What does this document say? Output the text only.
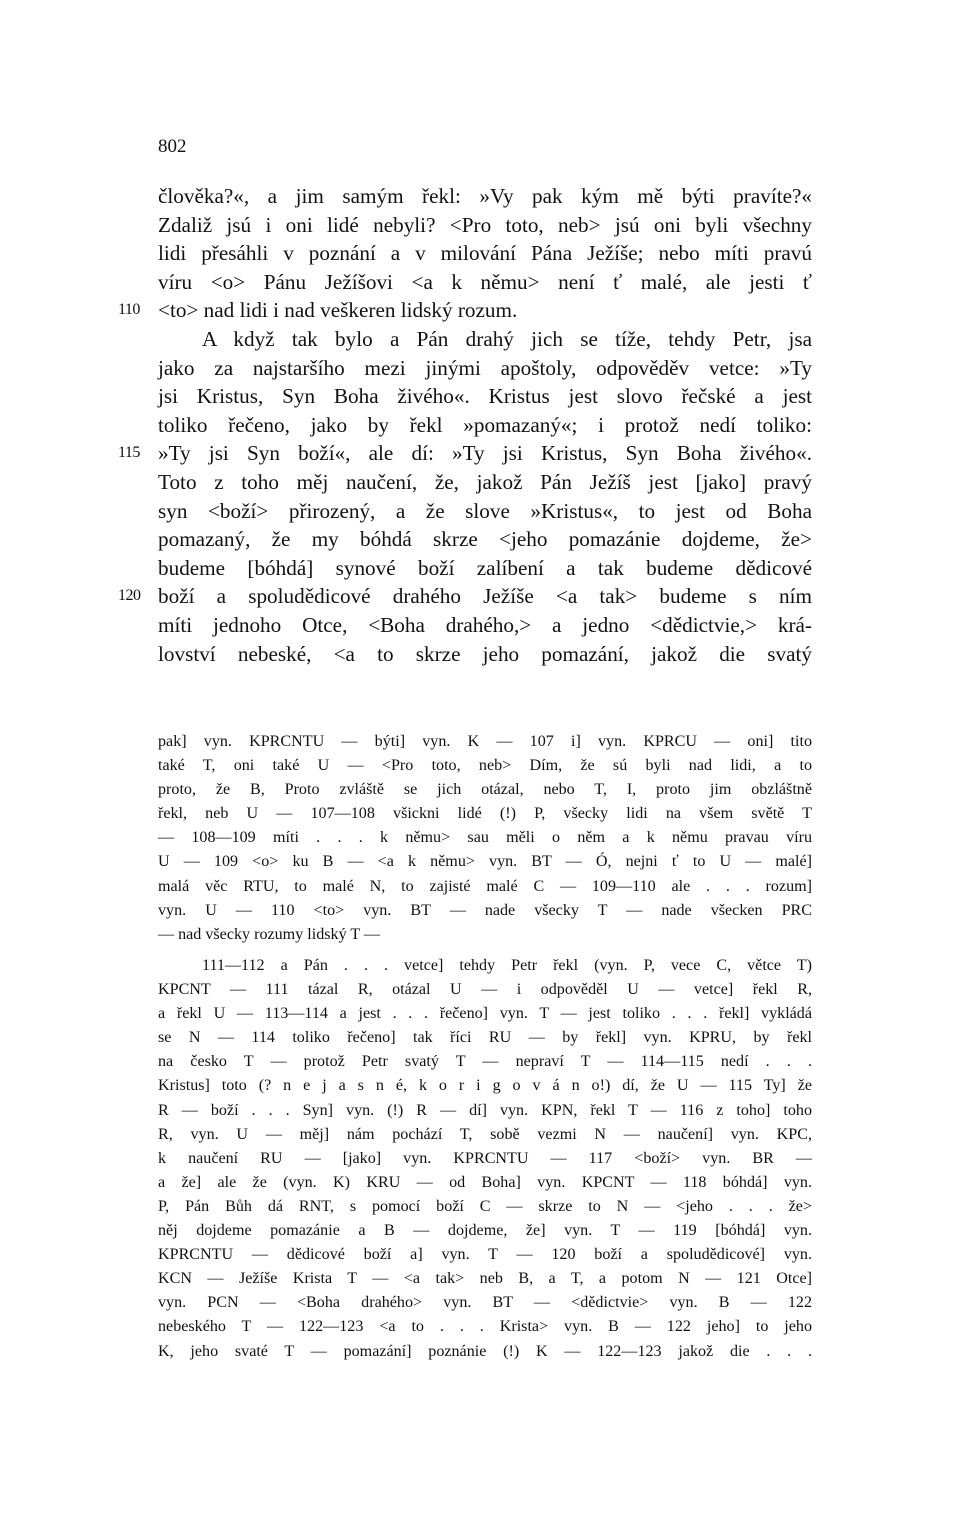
802
člověka?«, a jim samým řekl: »Vy pak kým mě býti pravíte?«
Zdaliž jsú i oni lidé nebyli? <Pro toto, neb> jsú oni byli všechny
lidi přesáhli v poznání a v milování Pána Ježíše; nebo míti pravú
víru <o> Pánu Ježíšovi <a k němu> není ť malé, ale jesti ť
110 <to> nad lidi i nad veškeren lidský rozum.
A když tak bylo a Pán drahý jich se tíže, tehdy Petr, jsa
jako za najstaršího mezi jinými apoštoly, odpověděv vetce: »Ty
jsi Kristus, Syn Boha živého«. Kristus jest slovo řečské a jest
toliko řečeno, jako by řekl »pomazaný«; i protož nedí toliko:
115 »Ty jsi Syn boží«, ale dí: »Ty jsi Kristus, Syn Boha živého«.
Toto z toho měj naučení, že, jakož Pán Ježíš jest [jako] pravý
syn <boží> přirozený, a že slove »Kristus«, to jest od Boha
pomazaný, že my bóhdá skrze <jeho pomazánie dojdeme, že>
budeme [bóhdá] synové boží zalíbení a tak budeme dědicové
120 boží a spoludědicové drahého Ježíše <a tak> budeme s ním
míti jednoho Otce, <Boha drahého,> a jedno <dědictvie,> krá-
lovství nebeské, <a to skrze jeho pomazání, jakož die svatý
pak] vyn. KPRCNTU — býti] vyn. K — 107 i] vyn. KPRCU — oni] tito
také T, oni také U — <Pro toto, neb> Dím, že sú byli nad lidi, a to
proto, že B, Proto zvláště se jich otázal, nebo T, I, proto jim obzláštně
řekl, neb U — 107—108 všickni lidé (!) P, všecky lidi na všem světě T
— 108—109 míti . . . k němu> sau měli o něm a k němu pravau víru
U — 109 <o> ku B — <a k němu> vyn. BT — Ó, nejni ť to U — malé]
malá věc RTU, to malé N, to zajisté malé C — 109—110 ale . . . rozum]
vyn. U — 110 <to> vyn. BT — nade všecky T — nade všecken PRC
— nad všecky rozumy lidský T —
111—112 a Pán . . . vetce] tehdy Petr řekl (vyn. P, vece C, větce T)
KPCNT — 111 tázal R, otázal U — i odpověděl U — vetce] řekl R,
a řekl U — 113—114 a jest . . . řečeno] vyn. T — jest toliko . . . řekl] vykládá
se N — 114 toliko řečeno] tak říci RU — by řekl] vyn. KPRU, by řekl
na česko T — protož Petr svatý T — nepraví T — 114—115 nedí . . .
Kristus] toto (? n e j a s n é, k o r i g o v á n o!) dí, že U — 115 Ty] že
R — boží . . . Syn] vyn. (!) R — dí] vyn. KPN, řekl T — 116 z toho] toho
R, vyn. U — měj] nám pochází T, sobě vezmi N — naučení] vyn. KPC,
k naučení RU — [jako] vyn. KPRCNTU — 117 <boží> vyn. BR —
a že] ale že (vyn. K) KRU — od Boha] vyn. KPCNT — 118 bóhdá] vyn.
P, Pán Bůh dá RNT, s pomocí boží C — skrze to N — <jeho . . . že>
něj dojdeme pomazánie a B — dojdeme, že] vyn. T — 119 [bóhdá] vyn.
KPRCNTU — dědicové boží a] vyn. T — 120 boží a spoludědicové] vyn.
KCN — Ježíše Krista T — <a tak> neb B, a T, a potom N — 121 Otce]
vyn. PCN — <Boha drahého> vyn. BT — <dědictvie> vyn. B — 122
nebeského T — 122—123 <a to . . . Krista> vyn. B — 122 jeho] to jeho
K, jeho svaté T — pomazání] poznánie (!) K — 122—123 jakož die . . .
